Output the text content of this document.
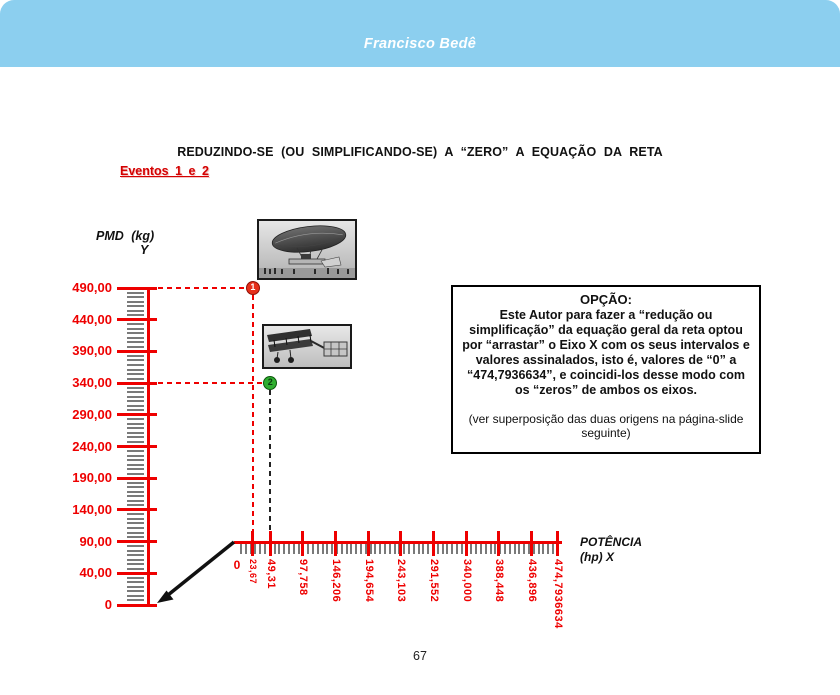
Francisco Bedê
REDUZINDO-SE (OU SIMPLIFICANDO-SE) A “ZERO” A EQUAÇÃO DA RETA
Eventos 1 e 2
0
40,00
90,00
140,00
190,00
240,00
290,00
340,00
390,00
440,00
490,00
0 23,67 49,31 97,758 146,206 194,654 243,103 291,552 340,000 388,448 436,896 474,7936634
1
2
PMD (kg)
Y
POTÊNCIA
(hp) X
OPÇÃO:
Este Autor para fazer a “redução ou simplificação” da equação geral da reta optou por “arrastar” o Eixo X com os seus intervalos e valores assinalados, isto é, valores de “0” a “474,7936634”, e coincidi-los desse modo com os “zeros” de ambos os eixos.
(ver superposição das duas origens na página-slide seguinte)
67
